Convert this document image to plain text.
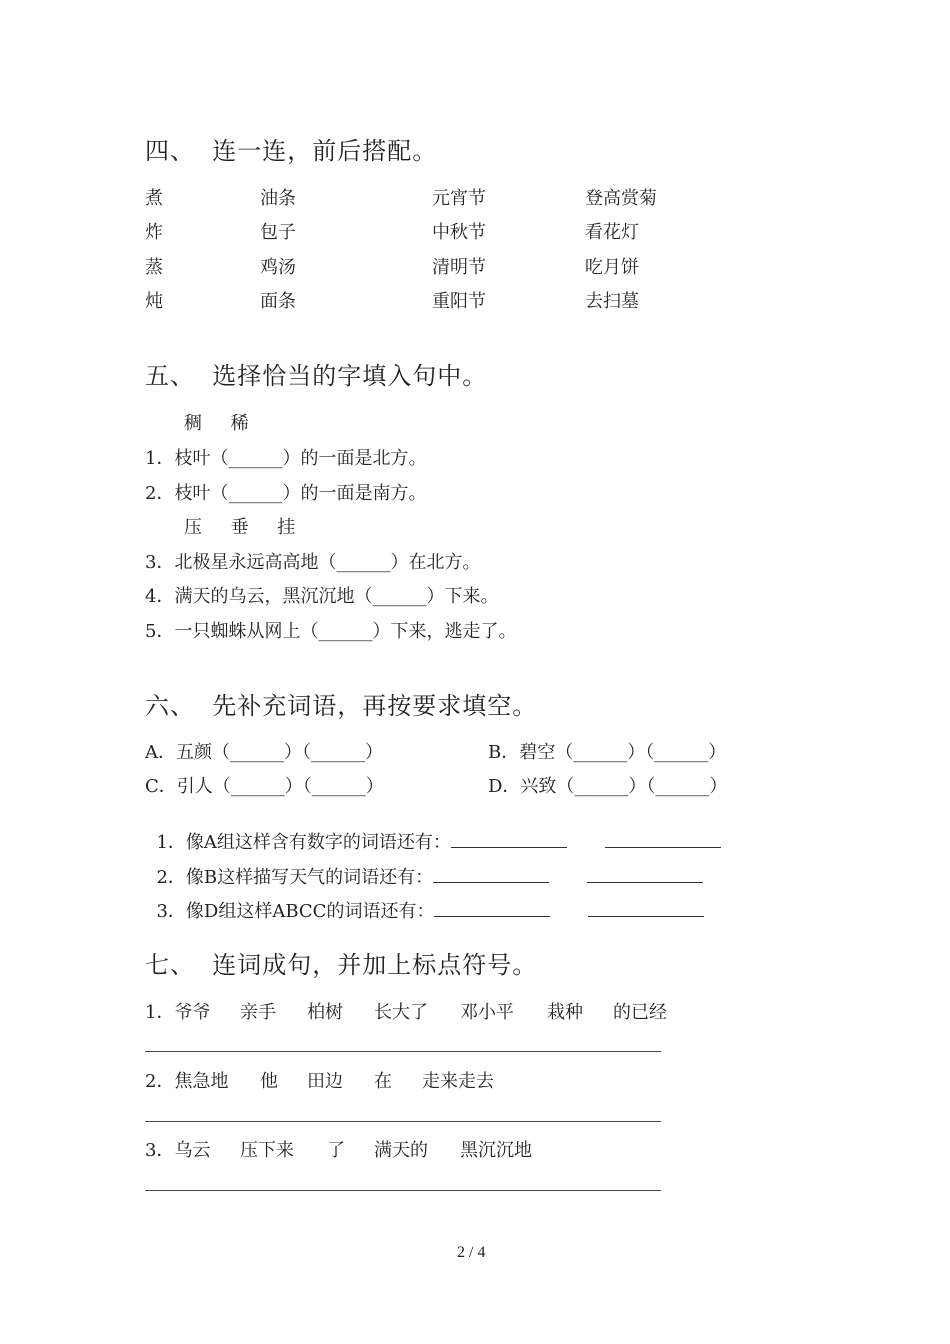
四、  连一连，前后搭配。
煮	油条	元宵节	登高赏菊
炸	包子	中秋节	看花灯
蒸	鸡汤	清明节	吃月饼
炖	面条	重阳节	去扫墓
五、  选择恰当的字填入句中。
稠     稀
1．枝叶（______）的一面是北方。
2．枝叶（______）的一面是南方。
压     垂     挂
3．北极星永远高高地（______）在北方。
4．满天的乌云，黑沉沉地（______）下来。
5．一只蜘蛛从网上（______）下来，逃走了。
六、  先补充词语，再按要求填空。
A．五颜（______）（______）	B．碧空（______）（______）
C．引人（______）（______）	D．兴致（______）（______）

1．像A组这样含有数字的词语还有：

2．像B这样描写天气的词语还有：

3．像D组这样ABCC的词语还有：

七、  连词成句，并加上标点符号。
1．爷爷 亲手 柏树 长大了 邓小平 栽种 的已经
2．焦急地 他 田边 在 走来走去
3．乌云 压下来 了 满天的 黑沉沉地
2 / 4
